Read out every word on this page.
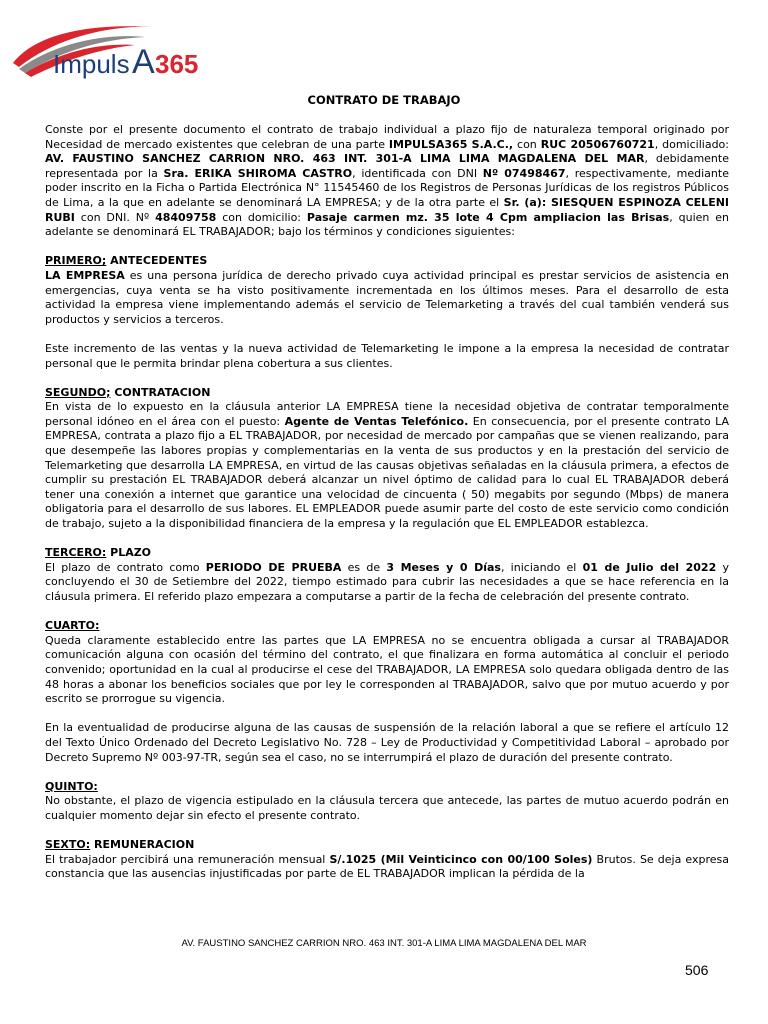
Impuls A 365
CONTRATO DE TRABAJO

Conste por el presente documento el contrato de trabajo individual a plazo fijo de naturaleza temporal originado por Necesidad de mercado existentes que celebran de una parte IMPULSA365 S.A.C., con RUC 20506760721, domiciliado: AV. FAUSTINO SANCHEZ CARRION NRO. 463 INT. 301-A LIMA LIMA MAGDALENA DEL MAR, debidamente representada por la Sra. ERIKA SHIROMA CASTRO, identificada con DNI Nº 07498467, respectivamente, mediante poder inscrito en la Ficha o Partida Electrónica N° 11545460 de los Registros de Personas Jurídicas de los registros Públicos de Lima, a la que en adelante se denominará LA EMPRESA; y de la otra parte el Sr. (a): SIESQUEN ESPINOZA CELENI RUBI con DNI. Nº 48409758 con domicilio: Pasaje carmen mz. 35 lote 4 Cpm ampliacion las Brisas, quien en adelante se denominará EL TRABAJADOR; bajo los términos y condiciones siguientes:

PRIMERO; ANTECEDENTES

LA EMPRESA es una persona jurídica de derecho privado cuya actividad principal es prestar servicios de asistencia en emergencias, cuya venta se ha visto positivamente incrementada en los últimos meses. Para el desarrollo de esta actividad la empresa viene implementando además el servicio de Telemarketing a través del cual también venderá sus productos y servicios a terceros.

Este incremento de las ventas y la nueva actividad de Telemarketing le impone a la empresa la necesidad de contratar personal que le permita brindar plena cobertura a sus clientes.

SEGUNDO; CONTRATACION

En vista de lo expuesto en la cláusula anterior LA EMPRESA tiene la necesidad objetiva de contratar temporalmente personal idóneo en el área con el puesto: Agente de Ventas Telefónico. En consecuencia, por el presente contrato LA EMPRESA, contrata a plazo fijo a EL TRABAJADOR, por necesidad de mercado por campañas que se vienen realizando, para que desempeñe las labores propias y complementarias en la venta de sus productos y en la prestación del servicio de Telemarketing que desarrolla LA EMPRESA, en virtud de las causas objetivas señaladas en la cláusula primera, a efectos de cumplir su prestación EL TRABAJADOR deberá alcanzar un nivel óptimo de calidad para lo cual EL TRABAJADOR deberá tener una conexión a internet que garantice una velocidad de cincuenta ( 50) megabits por segundo (Mbps) de manera obligatoria para el desarrollo de sus labores. EL EMPLEADOR puede asumir parte del costo de este servicio como condición de trabajo, sujeto a la disponibilidad financiera de la empresa y la regulación que EL EMPLEADOR establezca.

TERCERO: PLAZO

El plazo de contrato como PERIODO DE PRUEBA es de 3 Meses y 0 Días, iniciando el 01 de Julio del 2022 y concluyendo el 30 de Setiembre del 2022, tiempo estimado para cubrir las necesidades a que se hace referencia en la cláusula primera. El referido plazo empezara a computarse a partir de la fecha de celebración del presente contrato.

CUARTO:

Queda claramente establecido entre las partes que LA EMPRESA no se encuentra obligada a cursar al TRABAJADOR comunicación alguna con ocasión del término del contrato, el que finalizara en forma automática al concluir el periodo convenido; oportunidad en la cual al producirse el cese del TRABAJADOR, LA EMPRESA solo quedara obligada dentro de las 48 horas a abonar los beneficios sociales que por ley le corresponden al TRABAJADOR, salvo que por mutuo acuerdo y por escrito se prorrogue su vigencia.

En la eventualidad de producirse alguna de las causas de suspensión de la relación laboral a que se refiere el artículo 12 del Texto Único Ordenado del Decreto Legislativo No. 728 – Ley de Productividad y Competitividad Laboral – aprobado por Decreto Supremo Nº 003-97-TR, según sea el caso, no se interrumpirá el plazo de duración del presente contrato.

QUINTO:

No obstante, el plazo de vigencia estipulado en la cláusula tercera que antecede, las partes de mutuo acuerdo podrán en cualquier momento dejar sin efecto el presente contrato.

SEXTO: REMUNERACION

El trabajador percibirá una remuneración mensual S/.1025 (Mil Veinticinco con 00/100 Soles) Brutos. Se deja expresa constancia que las ausencias injustificadas por parte de EL TRABAJADOR implican la pérdida de la

AV. FAUSTINO SANCHEZ CARRION NRO. 463 INT. 301-A LIMA LIMA MAGDALENA DEL MAR
506
